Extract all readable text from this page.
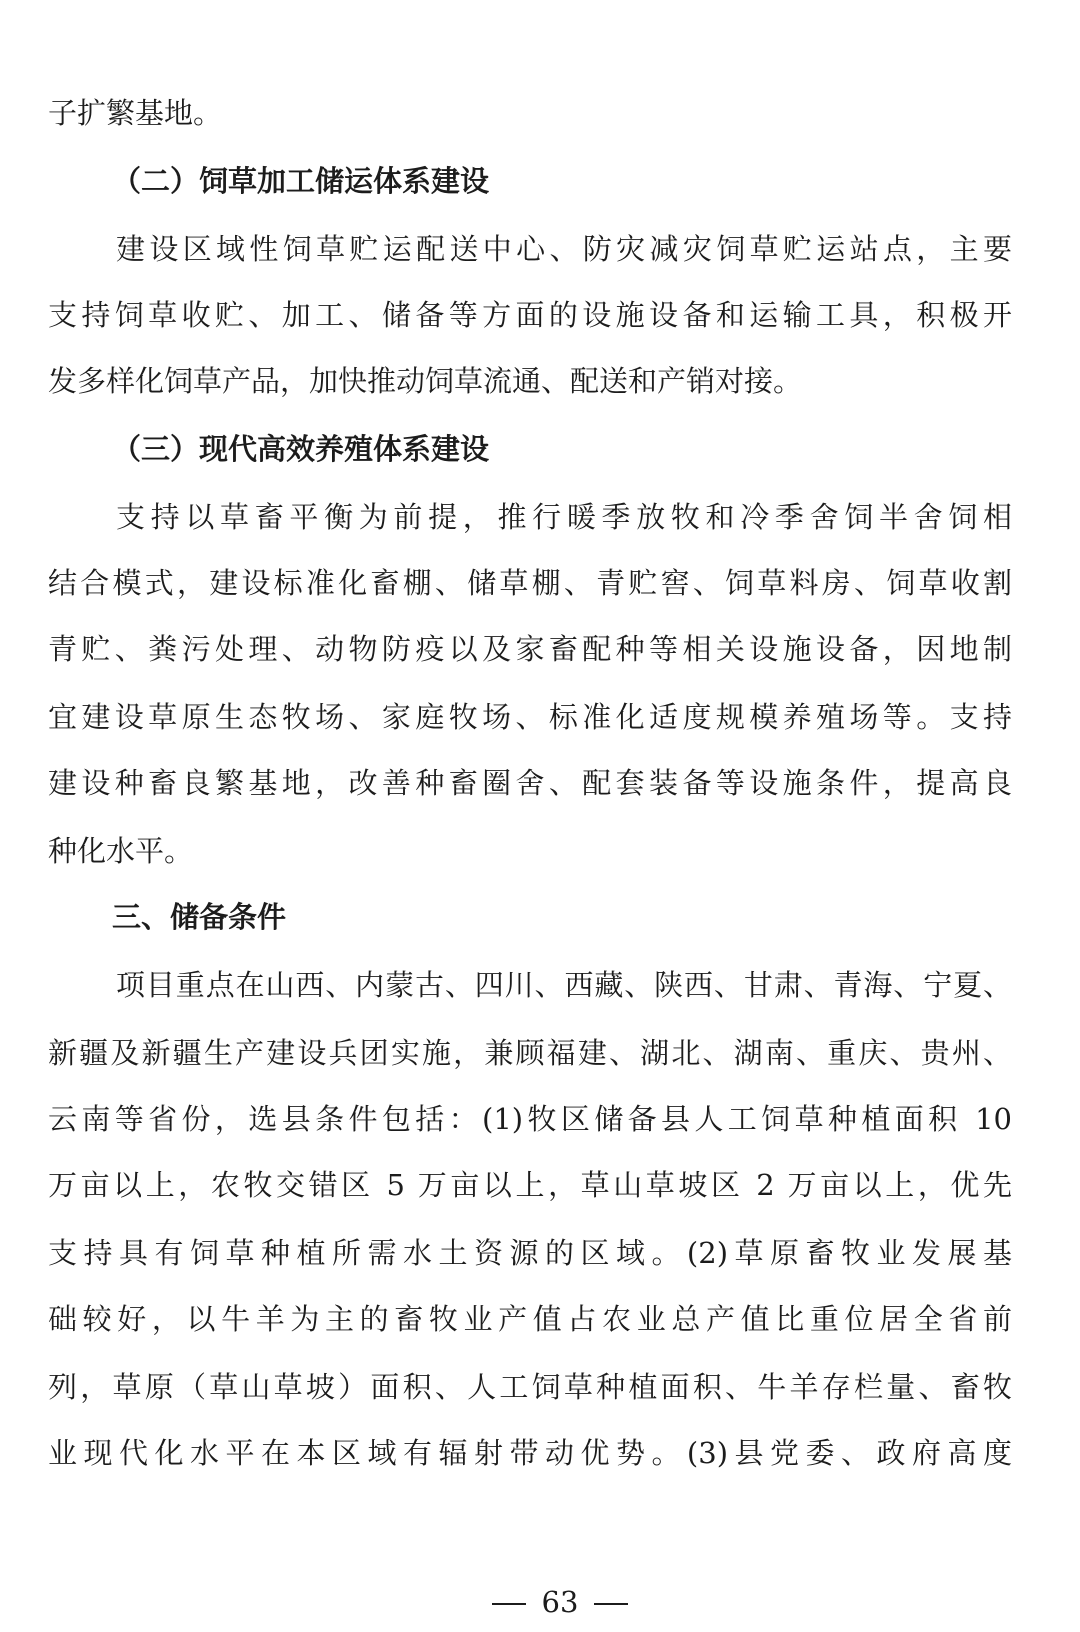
子扩繁基地。
（二）饲草加工储运体系建设
建设区域性饲草贮运配送中心、防灾减灾饲草贮运站点，主要
支持饲草收贮、加工、储备等方面的设施设备和运输工具，积极开
发多样化饲草产品，加快推动饲草流通、配送和产销对接。
（三）现代高效养殖体系建设
支持以草畜平衡为前提，推行暖季放牧和冷季舍饲半舍饲相
结合模式，建设标准化畜棚、储草棚、青贮窖、饲草料房、饲草收割
青贮、粪污处理、动物防疫以及家畜配种等相关设施设备，因地制
宜建设草原生态牧场、家庭牧场、标准化适度规模养殖场等。支持
建设种畜良繁基地，改善种畜圈舍、配套装备等设施条件，提高良
种化水平。
三、储备条件
项目重点在山西、内蒙古、四川、西藏、陕西、甘肃、青海、宁夏、
新疆及新疆生产建设兵团实施，兼顾福建、湖北、湖南、重庆、贵州、
云南等省份，选县条件包括：(1)牧区储备县人工饲草种植面积 10
万亩以上，农牧交错区 5 万亩以上，草山草坡区 2 万亩以上，优先
支持具有饲草种植所需水土资源的区域。(2)草原畜牧业发展基
础较好，以牛羊为主的畜牧业产值占农业总产值比重位居全省前
列，草原（草山草坡）面积、人工饲草种植面积、牛羊存栏量、畜牧
业现代化水平在本区域有辐射带动优势。(3)县党委、政府高度
63
